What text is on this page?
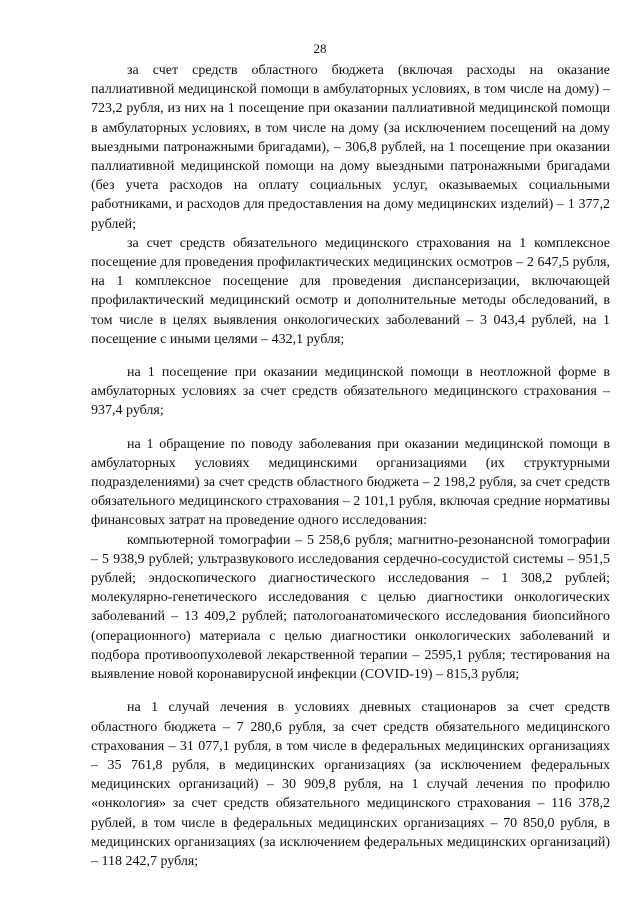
28

за счет средств областного бюджета (включая расходы на оказание паллиативной медицинской помощи в амбулаторных условиях, в том числе на дому) – 723,2 рубля, из них на 1 посещение при оказании паллиативной медицинской помощи в амбулаторных условиях, в том числе на дому (за исключением посещений на дому выездными патронажными бригадами), – 306,8 рублей, на 1 посещение при оказании паллиативной медицинской помощи на дому выездными патронажными бригадами (без учета расходов на оплату социальных услуг, оказываемых социальными работниками, и расходов для предоставления на дому медицинских изделий) – 1 377,2 рублей;

за счет средств обязательного медицинского страхования на 1 комплексное посещение для проведения профилактических медицинских осмотров – 2 647,5 рубля, на 1 комплексное посещение для проведения диспансеризации, включающей профилактический медицинский осмотр и дополнительные методы обследований, в том числе в целях выявления онкологических заболеваний – 3 043,4 рублей, на 1 посещение с иными целями – 432,1 рубля;

на 1 посещение при оказании медицинской помощи в неотложной форме в амбулаторных условиях за счет средств обязательного медицинского страхования – 937,4 рубля;

на 1 обращение по поводу заболевания при оказании медицинской помощи в амбулаторных условиях медицинскими организациями (их структурными подразделениями) за счет средств областного бюджета – 2 198,2 рубля, за счет средств обязательного медицинского страхования – 2 101,1 рубля, включая средние нормативы финансовых затрат на проведение одного исследования:

компьютерной томографии – 5 258,6 рубля; магнитно-резонансной томографии – 5 938,9 рублей; ультразвукового исследования сердечно-сосудистой системы – 951,5 рублей; эндоскопического диагностического исследования – 1 308,2 рублей; молекулярно-генетического исследования с целью диагностики онкологических заболеваний – 13 409,2 рублей; патологоанатомического исследования биопсийного (операционного) материала с целью диагностики онкологических заболеваний и подбора противоопухолевой лекарственной терапии – 2595,1 рубля; тестирования на выявление новой коронавирусной инфекции (COVID-19) – 815,3 рубля;

на 1 случай лечения в условиях дневных стационаров за счет средств областного бюджета – 7 280,6 рубля, за счет средств обязательного медицинского страхования – 31 077,1 рубля, в том числе в федеральных медицинских организациях – 35 761,8 рубля, в медицинских организациях (за исключением федеральных медицинских организаций) – 30 909,8 рубля, на 1 случай лечения по профилю «онкология» за счет средств обязательного медицинского страхования – 116 378,2 рублей, в том числе в федеральных медицинских организациях – 70 850,0 рубля, в медицинских организациях (за исключением федеральных медицинских организаций) – 118 242,7 рубля;
